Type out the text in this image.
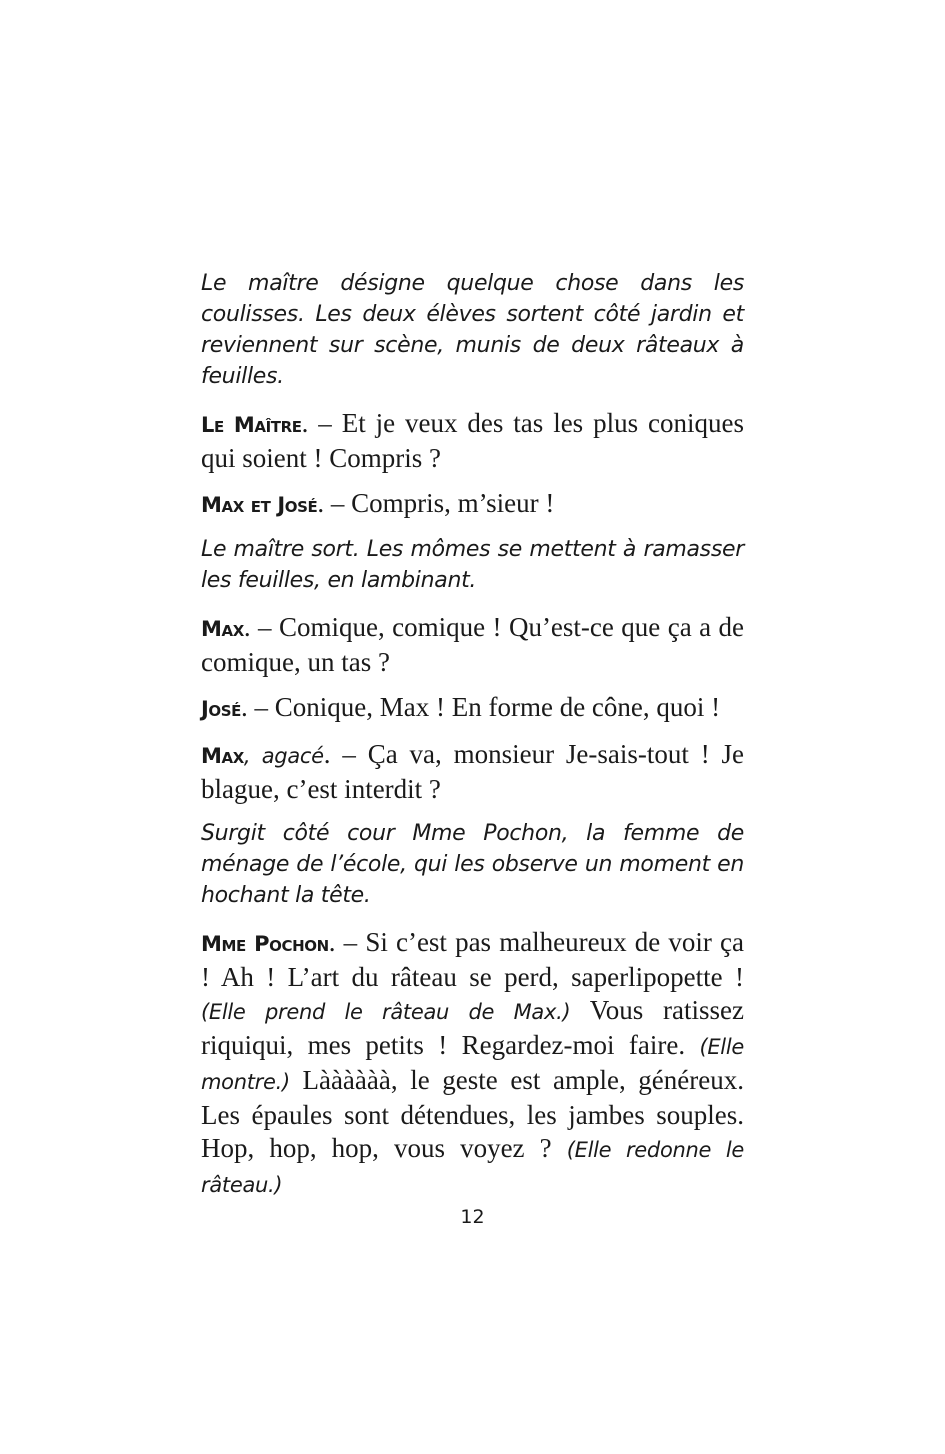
Le maître désigne quelque chose dans les coulisses. Les deux élèves sortent côté jardin et reviennent sur scène, munis de deux râteaux à feuilles.

Le Maître. – Et je veux des tas les plus coniques qui soient ! Compris ?

Max et José. – Compris, m’sieur !

Le maître sort. Les mômes se mettent à ramasser les feuilles, en lambinant.

Max. – Comique, comique ! Qu’est-ce que ça a de comique, un tas ?

José. – Conique, Max ! En forme de cône, quoi !

Max, agacé. – Ça va, monsieur Je-sais-tout ! Je blague, c’est interdit ?

Surgit côté cour Mme Pochon, la femme de ménage de l’école, qui les observe un moment en hochant la tête.

Mme Pochon. – Si c’est pas malheureux de voir ça ! Ah ! L’art du râteau se perd, saperlipopette ! (Elle prend le râteau de Max.) Vous ratissez riquiqui, mes petits ! Regardez-moi faire. (Elle montre.) Làààààà, le geste est ample, généreux. Les épaules sont détendues, les jambes souples. Hop, hop, hop, vous voyez ? (Elle redonne le râteau.)

12
